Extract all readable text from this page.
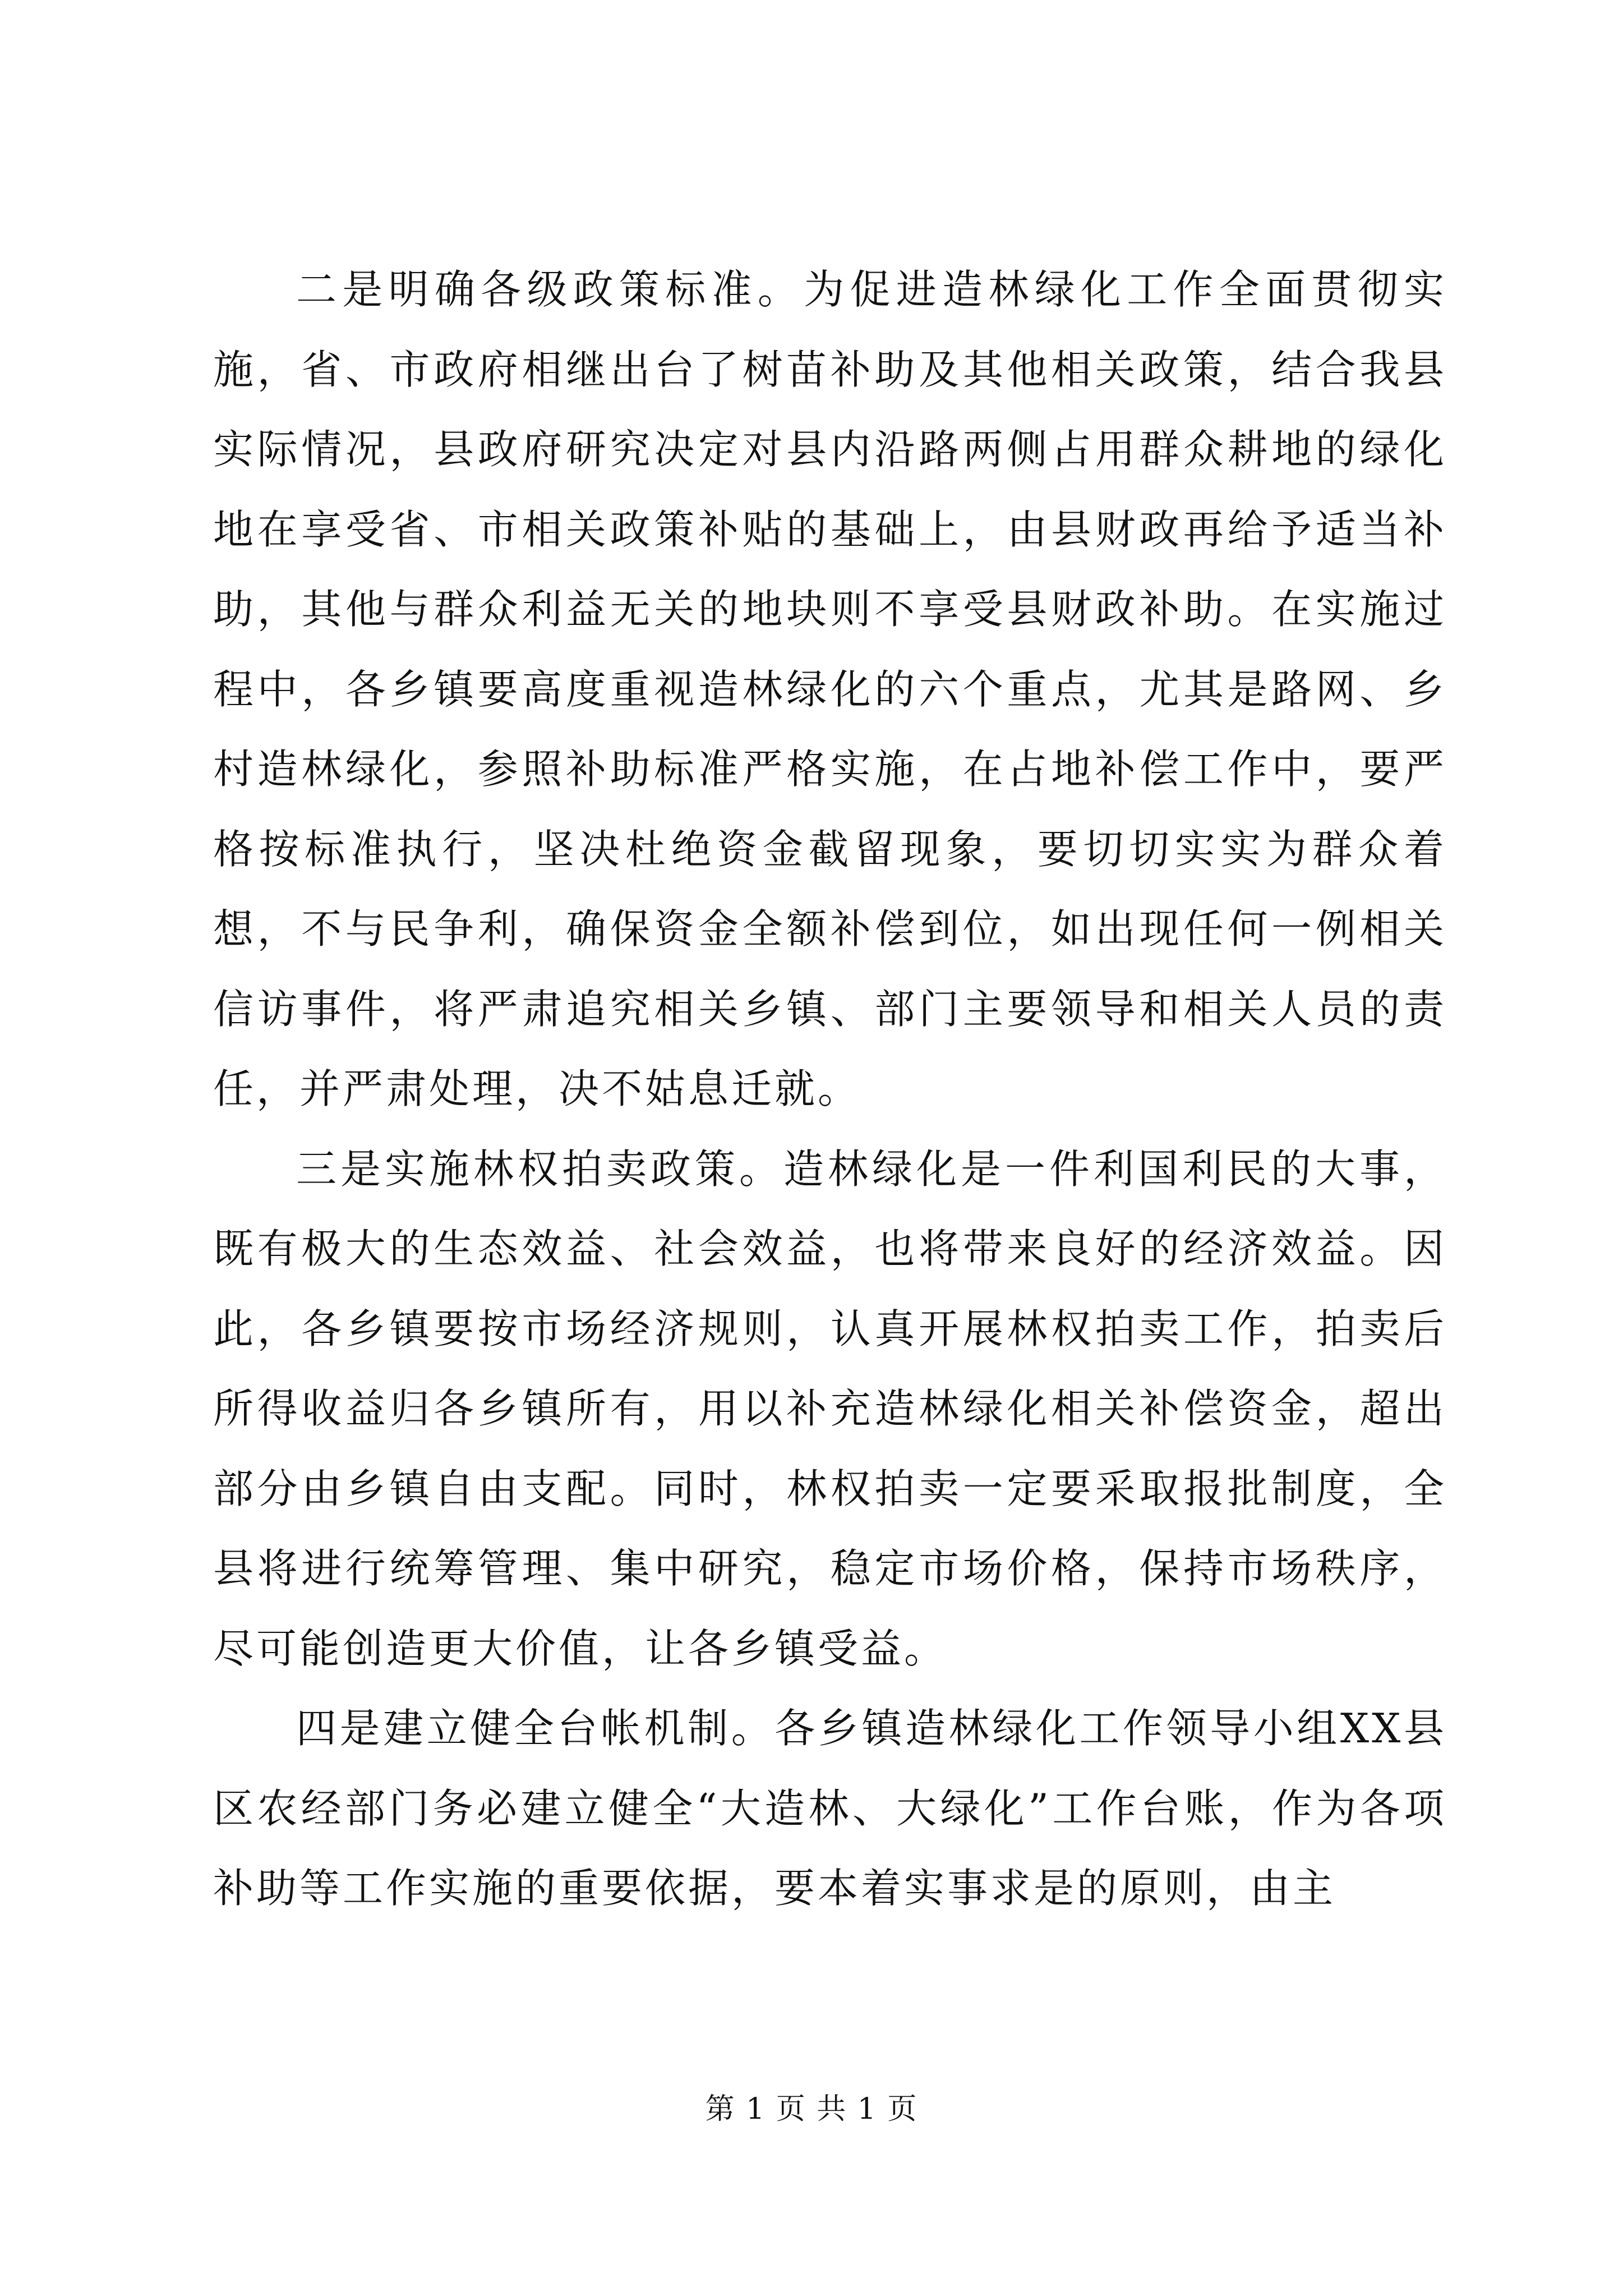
二是明确各级政策标准。为促进造林绿化工作全面贯彻实施，省、市政府相继出台了树苗补助及其他相关政策，结合我县实际情况，县政府研究决定对县内沿路两侧占用群众耕地的绿化地在享受省、市相关政策补贴的基础上，由县财政再给予适当补助，其他与群众利益无关的地块则不享受县财政补助。在实施过程中，各乡镇要高度重视造林绿化的六个重点，尤其是路网、乡村造林绿化，参照补助标准严格实施，在占地补偿工作中，要严格按标准执行，坚决杜绝资金截留现象，要切切实实为群众着想，不与民争利，确保资金全额补偿到位，如出现任何一例相关信访事件，将严肃追究相关乡镇、部门主要领导和相关人员的责任，并严肃处理，决不姑息迁就。

三是实施林权拍卖政策。造林绿化是一件利国利民的大事，既有极大的生态效益、社会效益，也将带来良好的经济效益。因此，各乡镇要按市场经济规则，认真开展林权拍卖工作，拍卖后所得收益归各乡镇所有，用以补充造林绿化相关补偿资金，超出部分由乡镇自由支配。同时，林权拍卖一定要采取报批制度，全县将进行统筹管理、集中研究，稳定市场价格，保持市场秩序，尽可能创造更大价值，让各乡镇受益。

四是建立健全台帐机制。各乡镇造林绿化工作领导小组XX县区农经部门务必建立健全“大造林、大绿化”工作台账，作为各项补助等工作实施的重要依据，要本着实事求是的原则，由主

第 1 页 共 1 页
